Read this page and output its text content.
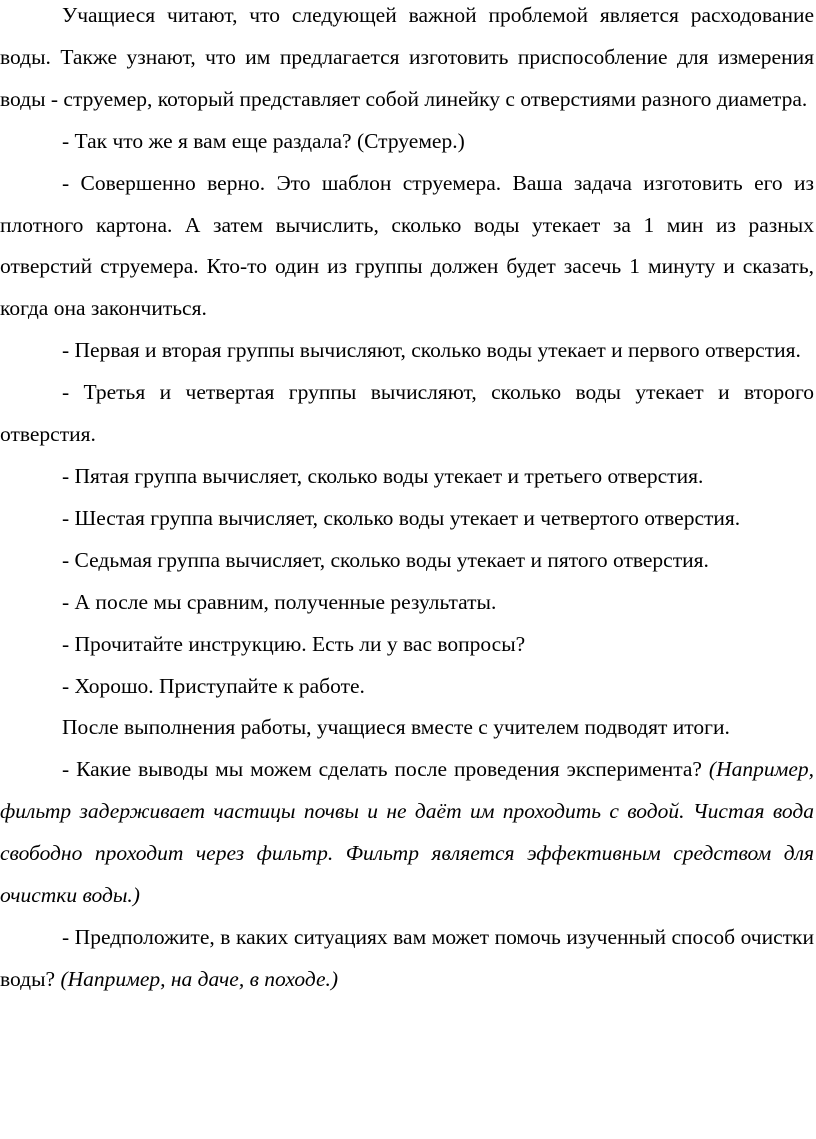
Учащиеся читают, что следующей важной проблемой является расходование воды. Также узнают, что им предлагается изготовить приспособление для измерения воды - струемер, который представляет собой линейку с отверстиями разного диаметра.

- Так что же я вам еще раздала? (Струемер.)

- Совершенно верно. Это шаблон струемера. Ваша задача изготовить его из плотного картона. А затем вычислить, сколько воды утекает за 1 мин из разных отверстий струемера. Кто-то один из группы должен будет засечь 1 минуту и сказать, когда она закончиться.

- Первая и вторая группы вычисляют, сколько воды утекает и первого отверстия.

- Третья и четвертая группы вычисляют, сколько воды утекает и второго отверстия.

- Пятая группа вычисляет, сколько воды утекает и третьего отверстия.

- Шестая группа вычисляет, сколько воды утекает и четвертого отверстия.

- Седьмая группа вычисляет, сколько воды утекает и пятого отверстия.

- А после мы сравним, полученные результаты.

- Прочитайте инструкцию. Есть ли у вас вопросы?

- Хорошо. Приступайте к работе.

После выполнения работы, учащиеся вместе с учителем подводят итоги.

- Какие выводы мы можем сделать после проведения эксперимента? (Например, фильтр задерживает частицы почвы и не даёт им проходить с водой. Чистая вода свободно проходит через фильтр. Фильтр является эффективным средством для очистки воды.)

- Предположите, в каких ситуациях вам может помочь изученный способ очистки воды? (Например, на даче, в походе.)
